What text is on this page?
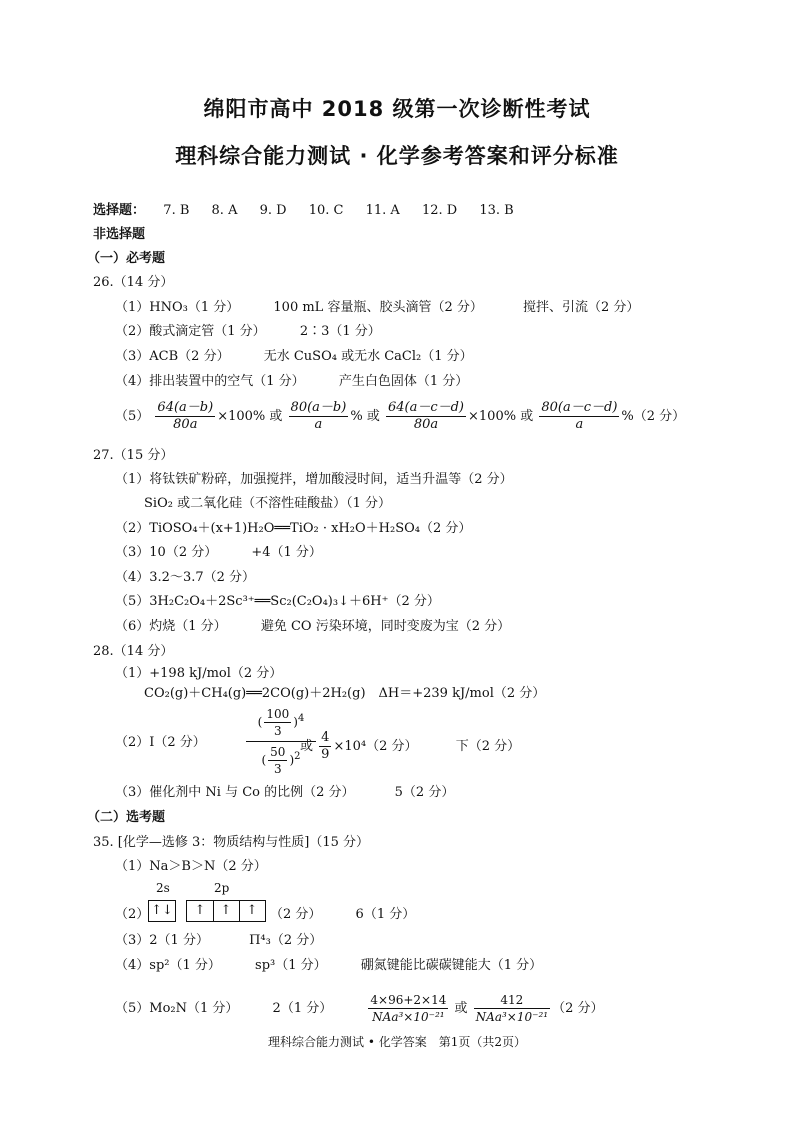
绵阳市高中 2018 级第一次诊断性考试
理科综合能力测试 · 化学参考答案和评分标准
选择题： 7. B 8. A 9. D 10. C 11. A 12. D 13. B
非选择题
（一）必考题
26.（14 分）
（1）HNO₃（1 分）	100 mL 容量瓶、胶头滴管（2 分）	搅拌、引流（2 分）
（2）酸式滴定管（1 分）	2∶3（1 分）
（3）ACB（2 分）	无水 CuSO₄ 或无水 CaCl₂（1 分）
（4）排出装置中的空气（1 分）	产生白色固体（1 分）
$(5) \frac{64(a-b)}{80a} \times 100\%$ 或 $\frac{80(a-b)}{a}$ % 或 $\frac{64(a-c-d)}{80a} \times 100\%$ 或 $\frac{80(a-c-d)}{a} \%(2$ 分）
27.（15 分）
（1）将钛铁矿粉碎，加强搅拌，增加酸浸时间，适当升温等（2 分）
SiO₂ 或二氧化硅（不溶性硅酸盐）（1 分）
（2）TiOSO₄＋(x+1)H₂O══TiO₂ · xH₂O＋H₂SO₄（2 分）
（3）10（2 分）	+4（1 分）
（4）3.2～3.7（2 分）
（5）3H₂C₂O₄＋2Sc³⁺══Sc₂(C₂O₄)₃↓＋6H⁺（2 分）
（6）灼烧（1 分）	避免 CO 污染环境，同时变废为宝（2 分）
28.（14 分）
（1）+198 kJ/mol（2 分）
CO₂(g)＋CH₄(g)══2CO(g)＋2H₂(g)　ΔH＝+239 kJ/mol（2 分）
（2）I（2 分）
( $\frac{100}{3} )^4$
( $\frac{50}{3} )^2$
或 $\frac{4}{9} \times 10^4(2$ 分）	下（2 分）
（3）催化剂中 Ni 与 Co 的比例（2 分）	5（2 分）
（二）选考题
35. [化学—选修 3：物质结构与性质]（15 分）
（1）Na＞B＞N（2 分）
2s	2p
（2） ↑↓	↑	↑	↑ （2 分）	6（1 分）
（3）2（1 分）	Π⁴₃（2 分）
（4）sp²（1 分）	sp³（1 分）	硼氮键能比碳碳键能大（1 分）
（5）Mo₂N（1 分）	2（1 分）	$\frac{4\times 96+2\times 14}{\text{NAa³×10⁻²¹}}$ 或 $\frac{412}{\text{NAa³×10⁻²¹}} (2$ 分）
理科综合能力测试 • 化学答案　第1页（共2页）
